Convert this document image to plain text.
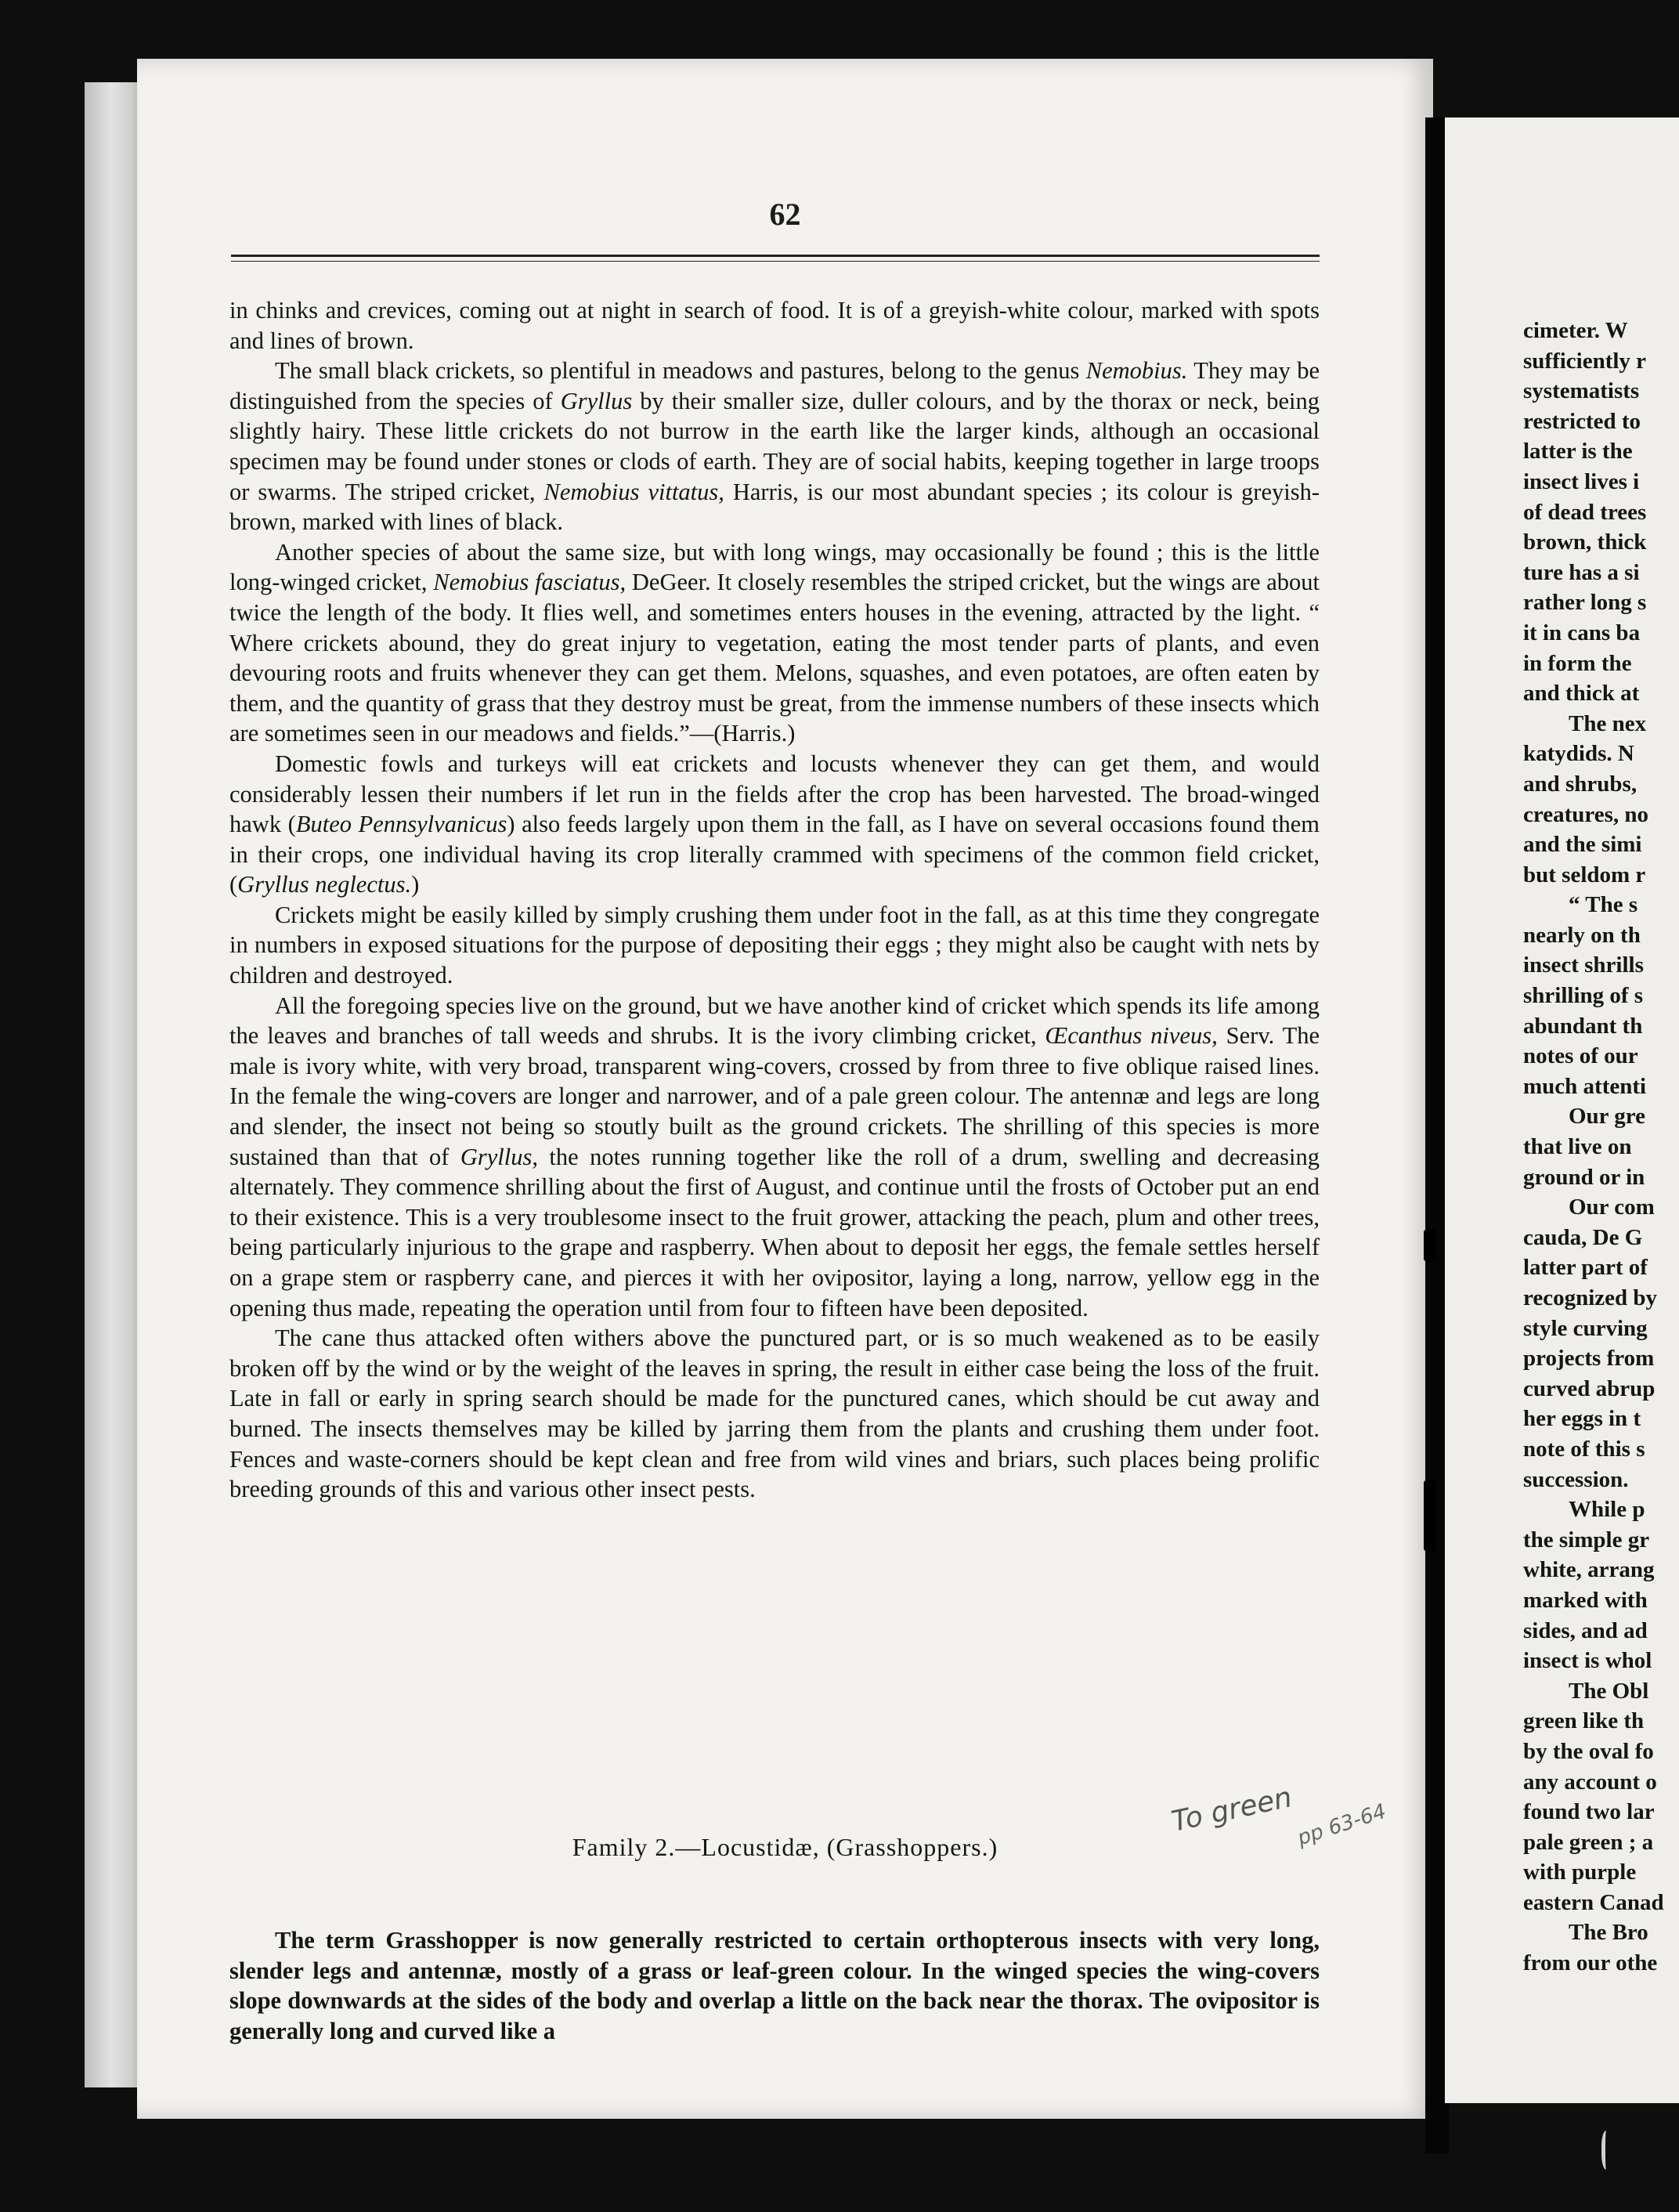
62

in chinks and crevices, coming out at night in search of food. It is of a greyish-white colour, marked with spots and lines of brown.

The small black crickets, so plentiful in meadows and pastures, belong to the genus Nemobius. They may be distinguished from the species of Gryllus by their smaller size, duller colours, and by the thorax or neck, being slightly hairy. These little crickets do not burrow in the earth like the larger kinds, although an occasional specimen may be found under stones or clods of earth. They are of social habits, keeping together in large troops or swarms. The striped cricket, Nemobius vittatus, Harris, is our most abundant species ; its colour is greyish-brown, marked with lines of black.

Another species of about the same size, but with long wings, may occasionally be found ; this is the little long-winged cricket, Nemobius fasciatus, DeGeer. It closely resembles the striped cricket, but the wings are about twice the length of the body. It flies well, and sometimes enters houses in the evening, attracted by the light. “ Where crickets abound, they do great injury to vegetation, eating the most tender parts of plants, and even devouring roots and fruits whenever they can get them. Melons, squashes, and even potatoes, are often eaten by them, and the quantity of grass that they destroy must be great, from the immense numbers of these insects which are sometimes seen in our meadows and fields.”—(Harris.)

Domestic fowls and turkeys will eat crickets and locusts whenever they can get them, and would considerably lessen their numbers if let run in the fields after the crop has been harvested. The broad-winged hawk (Buteo Pennsylvanicus) also feeds largely upon them in the fall, as I have on several occasions found them in their crops, one individual having its crop literally crammed with specimens of the common field cricket, (Gryllus neglectus.)

Crickets might be easily killed by simply crushing them under foot in the fall, as at this time they congregate in numbers in exposed situations for the purpose of depositing their eggs ; they might also be caught with nets by children and destroyed.

All the foregoing species live on the ground, but we have another kind of cricket which spends its life among the leaves and branches of tall weeds and shrubs. It is the ivory climbing cricket, Œcanthus niveus, Serv. The male is ivory white, with very broad, transparent wing-covers, crossed by from three to five oblique raised lines. In the female the wing-covers are longer and narrower, and of a pale green colour. The antennæ and legs are long and slender, the insect not being so stoutly built as the ground crickets. The shrilling of this species is more sustained than that of Gryllus, the notes running together like the roll of a drum, swelling and decreasing alternately. They commence shrilling about the first of August, and continue until the frosts of October put an end to their existence. This is a very troublesome insect to the fruit grower, attacking the peach, plum and other trees, being particularly injurious to the grape and raspberry. When about to deposit her eggs, the female settles herself on a grape stem or raspberry cane, and pierces it with her ovipositor, laying a long, narrow, yellow egg in the opening thus made, repeating the operation until from four to fifteen have been deposited.

The cane thus attacked often withers above the punctured part, or is so much weakened as to be easily broken off by the wind or by the weight of the leaves in spring, the result in either case being the loss of the fruit. Late in fall or early in spring search should be made for the punctured canes, which should be cut away and burned. The insects themselves may be killed by jarring them from the plants and crushing them under foot. Fences and waste-corners should be kept clean and free from wild vines and briars, such places being prolific breeding grounds of this and various other insect pests.

Family 2.—Locustidæ, (Grasshoppers.)
To green pp 63-64

The term Grasshopper is now generally restricted to certain orthopterous insects with very long, slender legs and antennæ, mostly of a grass or leaf-green colour. In the winged species the wing-covers slope downwards at the sides of the body and overlap a little on the back near the thorax. The ovipositor is generally long and curved like a

cimeter. W
sufficiently r
systematists
restricted to
latter is the
insect lives i
of dead trees
brown, thick
ture has a si
rather long s
it in cans ba
in form the
and thick at
The nex
katydids. N
and shrubs,
creatures, no
and the simi
but seldom r
“ The s
nearly on th
insect shrills
shrilling of s
abundant th
notes of our
much attenti
Our gre
that live on
ground or in
Our com
cauda, De G
latter part of
recognized by
style curving
projects from
curved abrup
her eggs in t
note of this s
succession.
While p
the simple gr
white, arrang
marked with
sides, and ad
insect is whol
The Obl
green like th
by the oval fo
any account o
found two lar
pale green ; a
with purple
eastern Canad
The Bro
from our othe
